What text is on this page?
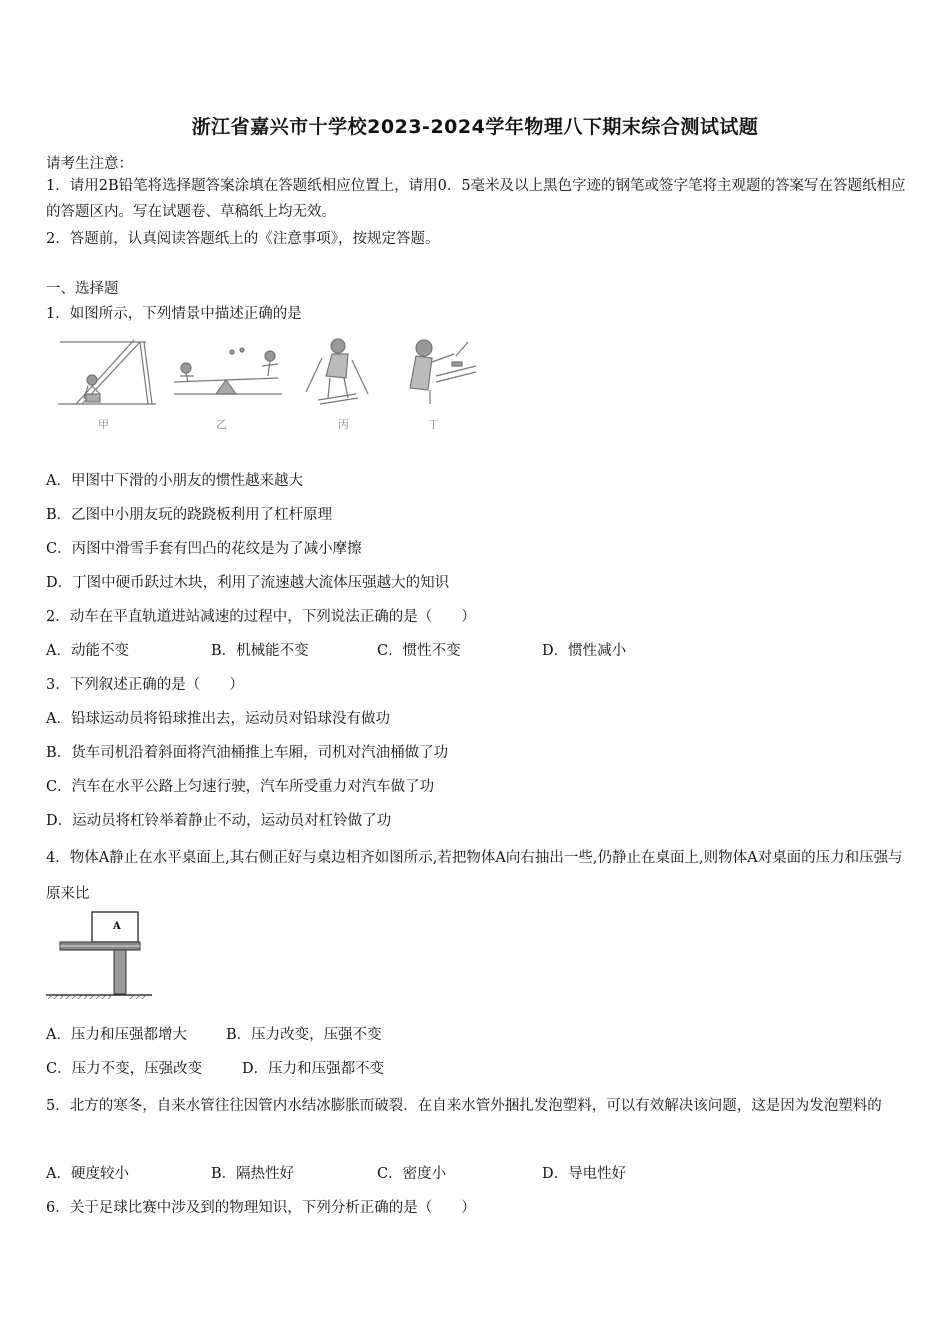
浙江省嘉兴市十学校2023-2024学年物理八下期末综合测试试题
请考生注意：
1．请用2B铅笔将选择题答案涂填在答题纸相应位置上，请用0．5毫米及以上黑色字迹的钢笔或签字笔将主观题的答案写在答题纸相应的答题区内。写在试题卷、草稿纸上均无效。
2．答题前，认真阅读答题纸上的《注意事项》，按规定答题。
一、选择题
1．如图所示，下列情景中描述正确的是
甲	乙	丙	丁
A．甲图中下滑的小朋友的惯性越来越大
B．乙图中小朋友玩的跷跷板利用了杠杆原理
C．丙图中滑雪手套有凹凸的花纹是为了减小摩擦
D．丁图中硬币跃过木块，利用了流速越大流体压强越大的知识
2．动车在平直轨道进站减速的过程中，下列说法正确的是（　　）
A．动能不变	B．机械能不变	C．惯性不变	D．惯性减小
3．下列叙述正确的是（　　）
A．铅球运动员将铅球推出去，运动员对铅球没有做功
B．货车司机沿着斜面将汽油桶推上车厢，司机对汽油桶做了功
C．汽车在水平公路上匀速行驶，汽车所受重力对汽车做了功
D．运动员将杠铃举着静止不动，运动员对杠铃做了功
4．物体A静止在水平桌面上,其右侧正好与桌边相齐如图所示,若把物体A向右抽出一些,仍静止在桌面上,则物体A对桌面的压力和压强与原来比
A
A．压力和压强都增大	B．压力改变，压强不变
C．压力不变，压强改变	D．压力和压强都不变
5．北方的寒冬，自来水管往往因管内水结冰膨胀而破裂．在自来水管外捆扎发泡塑料，可以有效解决该问题，这是因为发泡塑料的
A．硬度较小	B．隔热性好	C．密度小	D．导电性好
6．关于足球比赛中涉及到的物理知识，下列分析正确的是（　　）
